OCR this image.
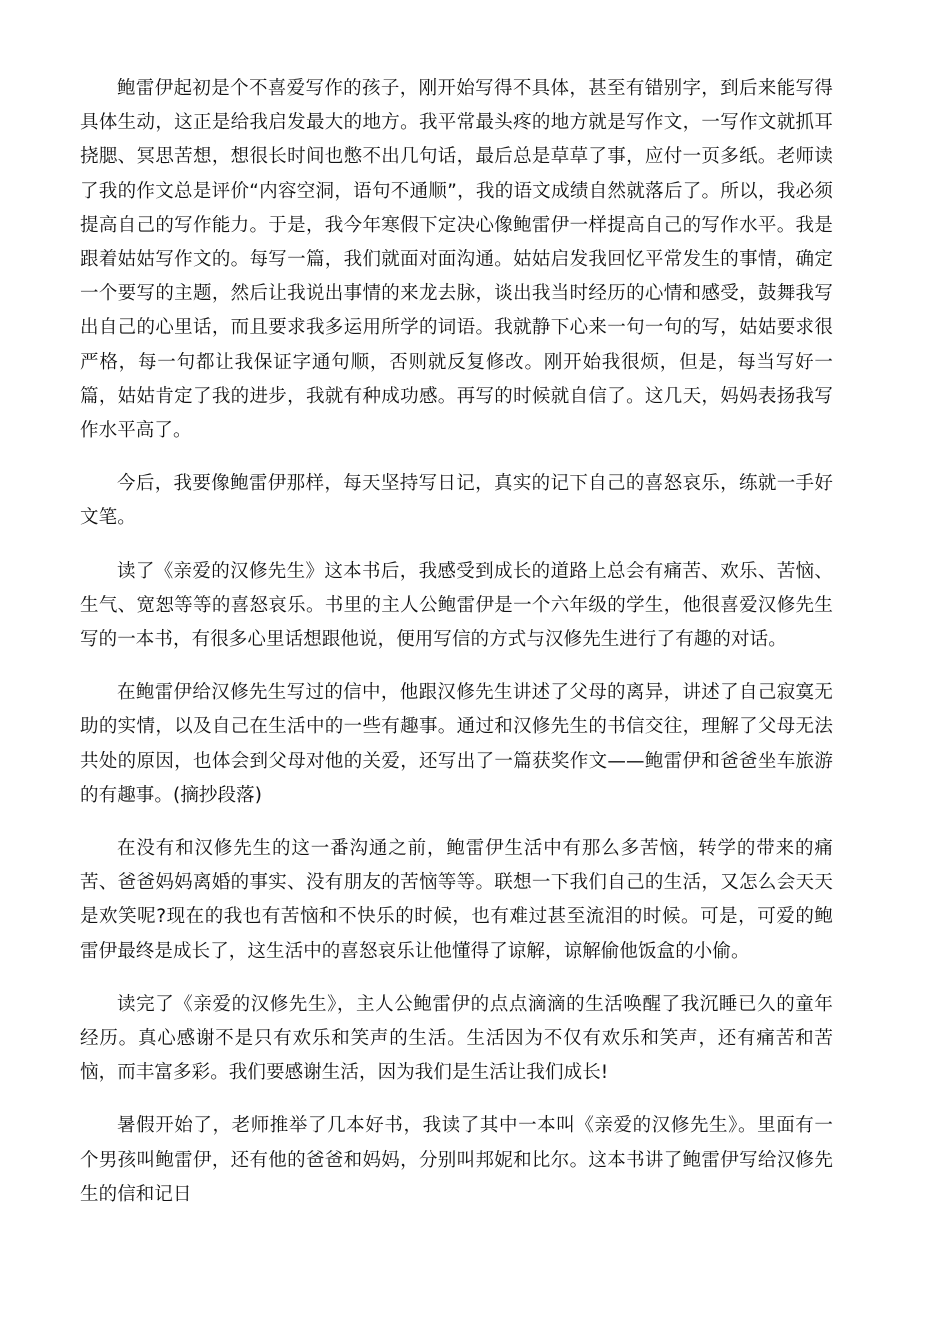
鲍雷伊起初是个不喜爱写作的孩子，刚开始写得不具体，甚至有错别字，到后来能写得具体生动，这正是给我启发最大的地方。我平常最头疼的地方就是写作文，一写作文就抓耳挠腮、冥思苦想，想很长时间也憋不出几句话，最后总是草草了事，应付一页多纸。老师读了我的作文总是评价“内容空洞，语句不通顺”，我的语文成绩自然就落后了。所以，我必须提高自己的写作能力。于是，我今年寒假下定决心像鲍雷伊一样提高自己的写作水平。我是跟着姑姑写作文的。每写一篇，我们就面对面沟通。姑姑启发我回忆平常发生的事情，确定一个要写的主题，然后让我说出事情的来龙去脉，谈出我当时经历的心情和感受，鼓舞我写出自己的心里话，而且要求我多运用所学的词语。我就静下心来一句一句的写，姑姑要求很严格，每一句都让我保证字通句顺，否则就反复修改。刚开始我很烦，但是，每当写好一篇，姑姑肯定了我的进步，我就有种成功感。再写的时候就自信了。这几天，妈妈表扬我写作水平高了。

今后，我要像鲍雷伊那样，每天坚持写日记，真实的记下自己的喜怒哀乐，练就一手好文笔。

读了《亲爱的汉修先生》这本书后，我感受到成长的道路上总会有痛苦、欢乐、苦恼、生气、宽恕等等的喜怒哀乐。书里的主人公鲍雷伊是一个六年级的学生，他很喜爱汉修先生写的一本书，有很多心里话想跟他说，便用写信的方式与汉修先生进行了有趣的对话。

在鲍雷伊给汉修先生写过的信中，他跟汉修先生讲述了父母的离异，讲述了自己寂寞无助的实情，以及自己在生活中的一些有趣事。通过和汉修先生的书信交往，理解了父母无法共处的原因，也体会到父母对他的关爱，还写出了一篇获奖作文——鲍雷伊和爸爸坐车旅游的有趣事。(摘抄段落)

在没有和汉修先生的这一番沟通之前，鲍雷伊生活中有那么多苦恼，转学的带来的痛苦、爸爸妈妈离婚的事实、没有朋友的苦恼等等。联想一下我们自己的生活，又怎么会天天是欢笑呢?现在的我也有苦恼和不快乐的时候，也有难过甚至流泪的时候。可是，可爱的鲍雷伊最终是成长了，这生活中的喜怒哀乐让他懂得了谅解，谅解偷他饭盒的小偷。

读完了《亲爱的汉修先生》，主人公鲍雷伊的点点滴滴的生活唤醒了我沉睡已久的童年经历。真心感谢不是只有欢乐和笑声的生活。生活因为不仅有欢乐和笑声，还有痛苦和苦恼，而丰富多彩。我们要感谢生活，因为我们是生活让我们成长!

暑假开始了，老师推举了几本好书，我读了其中一本叫《亲爱的汉修先生》。里面有一个男孩叫鲍雷伊，还有他的爸爸和妈妈，分别叫邦妮和比尔。这本书讲了鲍雷伊写给汉修先生的信和记日
